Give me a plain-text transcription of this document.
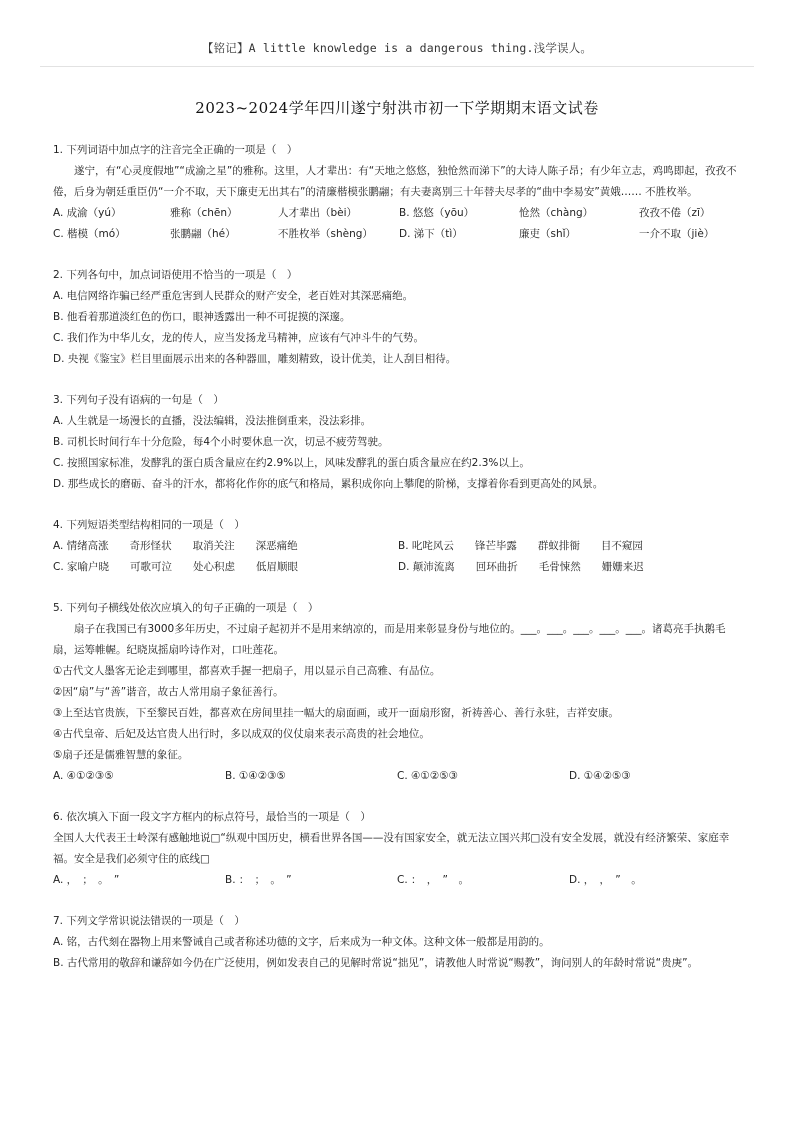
【铭记】A little knowledge is a dangerous thing.浅学误人。
2023~2024学年四川遂宁射洪市初一下学期期末语文试卷
1. 下列词语中加点字的注音完全正确的一项是（　）
遂宁，有“心灵度假地”“成渝之星”的雅称。这里，人才辈出：有“天地之悠悠，独怆然而涕下”的大诗人陈子昂；有少年立志，鸡鸣即起，孜孜不倦，后身为朝廷重臣仍“一介不取，天下廉吏无出其右”的清廉楷模张鹏翮；有夫妻离别三十年替夫尽孝的“曲中李易安”黄娥…… 不胜枚举。
A. 成渝（yú）	雅称（chēn）	人才辈出（bèi）	B. 悠悠（yōu）	怆然（chàng）	孜孜不倦（zī）
C. 楷模（mó）	张鹏翮（hé）	不胜枚举（shèng）	D. 涕下（tì）	廉吏（shǐ）	一介不取（jiè）
2. 下列各句中，加点词语使用不恰当的一项是（　）
A. 电信网络诈骗已经严重危害到人民群众的财产安全，老百姓对其深恶痛绝。
B. 他看着那道淡红色的伤口，眼神透露出一种不可捉摸的深邃。
C. 我们作为中华儿女，龙的传人，应当发扬龙马精神，应该有气冲斗牛的气势。
D. 央视《鉴宝》栏目里面展示出来的各种器皿，雕刻精致，设计优美，让人刮目相待。
3. 下列句子没有语病的一句是（　）
A. 人生就是一场漫长的直播，没法编辑，没法推倒重来，没法彩排。
B. 司机长时间行车十分危险，每4个小时要休息一次，切忌不疲劳驾驶。
C. 按照国家标准，发酵乳的蛋白质含量应在约2.9%以上，风味发酵乳的蛋白质含量应在约2.3%以上。
D. 那些成长的磨砺、奋斗的汗水，都将化作你的底气和格局，累积成你向上攀爬的阶梯，支撑着你看到更高处的风景。
4. 下列短语类型结构相同的一项是（　）
A. 情绪高涨　　奇形怪状　　取消关注　　深恶痛绝	B. 叱咤风云　　锋芒毕露　　群蚁排衙　　目不窥园
C. 家喻户晓　　可歌可泣　　处心积虑　　低眉顺眼	D. 颠沛流离　　回环曲折　　毛骨悚然　　姗姗来迟
5. 下列句子横线处依次应填入的句子正确的一项是（　）
扇子在我国已有3000多年历史，不过扇子起初并不是用来纳凉的，而是用来彰显身份与地位的。___。___。___。___。___。诸葛亮手执鹅毛扇，运筹帷幄。纪晓岚摇扇吟诗作对，口吐莲花。
①古代文人墨客无论走到哪里，都喜欢手握一把扇子，用以显示自己高雅、有品位。
②因“扇”与“善”谐音，故古人常用扇子象征善行。
③上至达官贵族，下至黎民百姓，都喜欢在房间里挂一幅大的扇面画，或开一面扇形窗，祈祷善心、善行永驻，吉祥安康。
④古代皇帝、后妃及达官贵人出行时，多以成双的仪仗扇来表示高贵的社会地位。
⑤扇子还是儒雅智慧的象征。
A. ④①②③⑤	B. ①④②③⑤	C. ④①②⑤③	D. ①④②⑤③
6. 依次填入下面一段文字方框内的标点符号，最恰当的一项是（　）
全国人大代表王士岭深有感触地说□“纵观中国历史，横看世界各国——没有国家安全，就无法立国兴邦□没有安全发展，就没有经济繁荣、家庭幸福。安全是我们必须守住的底线□
A. ，　；　。　”	B. ：　；　。　”	C. ：　，　”　。	D. ，　，　”　。
7. 下列文学常识说法错误的一项是（　）
A. 铭，古代刻在器物上用来警诫自己或者称述功德的文字，后来成为一种文体。这种文体一般都是用韵的。
B. 古代常用的敬辞和谦辞如今仍在广泛使用，例如发表自己的见解时常说“拙见”，请教他人时常说“赐教”，询问别人的年龄时常说“贵庚”。
